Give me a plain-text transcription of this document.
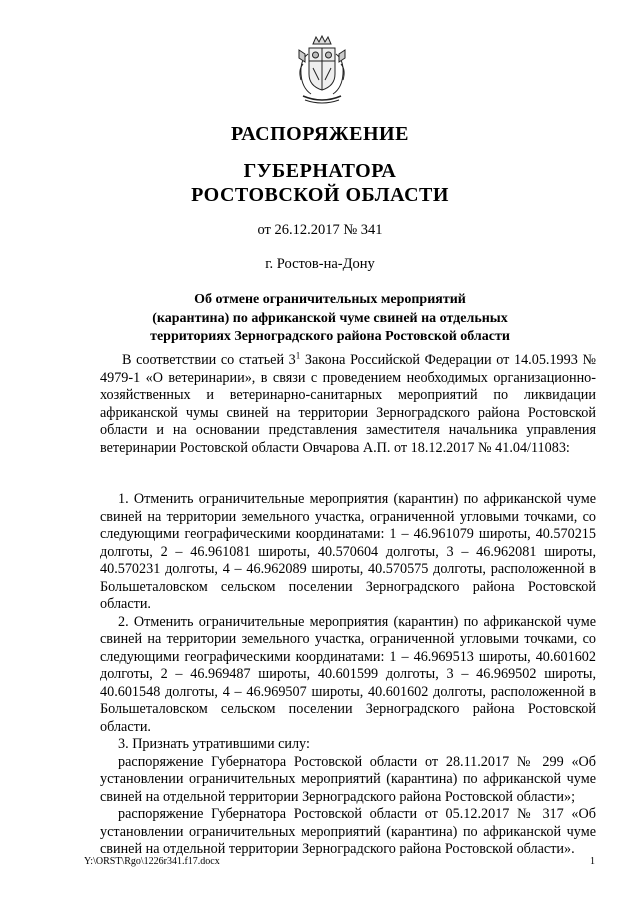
РАСПОРЯЖЕНИЕ
ГУБЕРНАТОРА
РОСТОВСКОЙ ОБЛАСТИ
от 26.12.2017 № 341
г. Ростов-на-Дону
Об отмене ограничительных мероприятий
(карантина) по африканской чуме свиней на отдельных
территориях Зерноградского района Ростовской области

В соответствии со статьей $3^1$ Закона Российской Федерации от 14.05.1993 № 4979-1 «О ветеринарии», в связи с проведением необходимых организационно-хозяйственных и ветеринарно-санитарных мероприятий по ликвидации африканской чумы свиней на территории Зерноградского района Ростовской области и на основании представления заместителя начальника управления ветеринарии Ростовской области Овчарова А.П. от 18.12.2017 № 41.04/11083:

1. Отменить ограничительные мероприятия (карантин) по африканской чуме свиней на территории земельного участка, ограниченной угловыми точками, со следующими географическими координатами: 1 – 46.961079 широты, 40.570215 долготы, 2 – 46.961081 широты, 40.570604 долготы, 3 – 46.962081 широты, 40.570231 долготы, 4 – 46.962089 широты, 40.570575 долготы, расположенной в Большеталовском сельском поселении Зерноградского района Ростовской области.

2. Отменить ограничительные мероприятия (карантин) по африканской чуме свиней на территории земельного участка, ограниченной угловыми точками, со следующими географическими координатами: 1 – 46.969513 широты, 40.601602 долготы, 2 – 46.969487 широты, 40.601599 долготы, 3 – 46.969502 широты, 40.601548 долготы, 4 – 46.969507 широты, 40.601602 долготы, расположенной в Большеталовском сельском поселении Зерноградского района Ростовской области.

3. Признать утратившими силу:

распоряжение Губернатора Ростовской области от 28.11.2017 № 299 «Об установлении ограничительных мероприятий (карантина) по африканской чуме свиней на отдельной территории Зерноградского района Ростовской области»;

распоряжение Губернатора Ростовской области от 05.12.2017 № 317 «Об установлении ограничительных мероприятий (карантина) по африканской чуме свиней на отдельной территории Зерноградского района Ростовской области».

Y:\ORST\Rgo\1226r341.f17.docx	1
